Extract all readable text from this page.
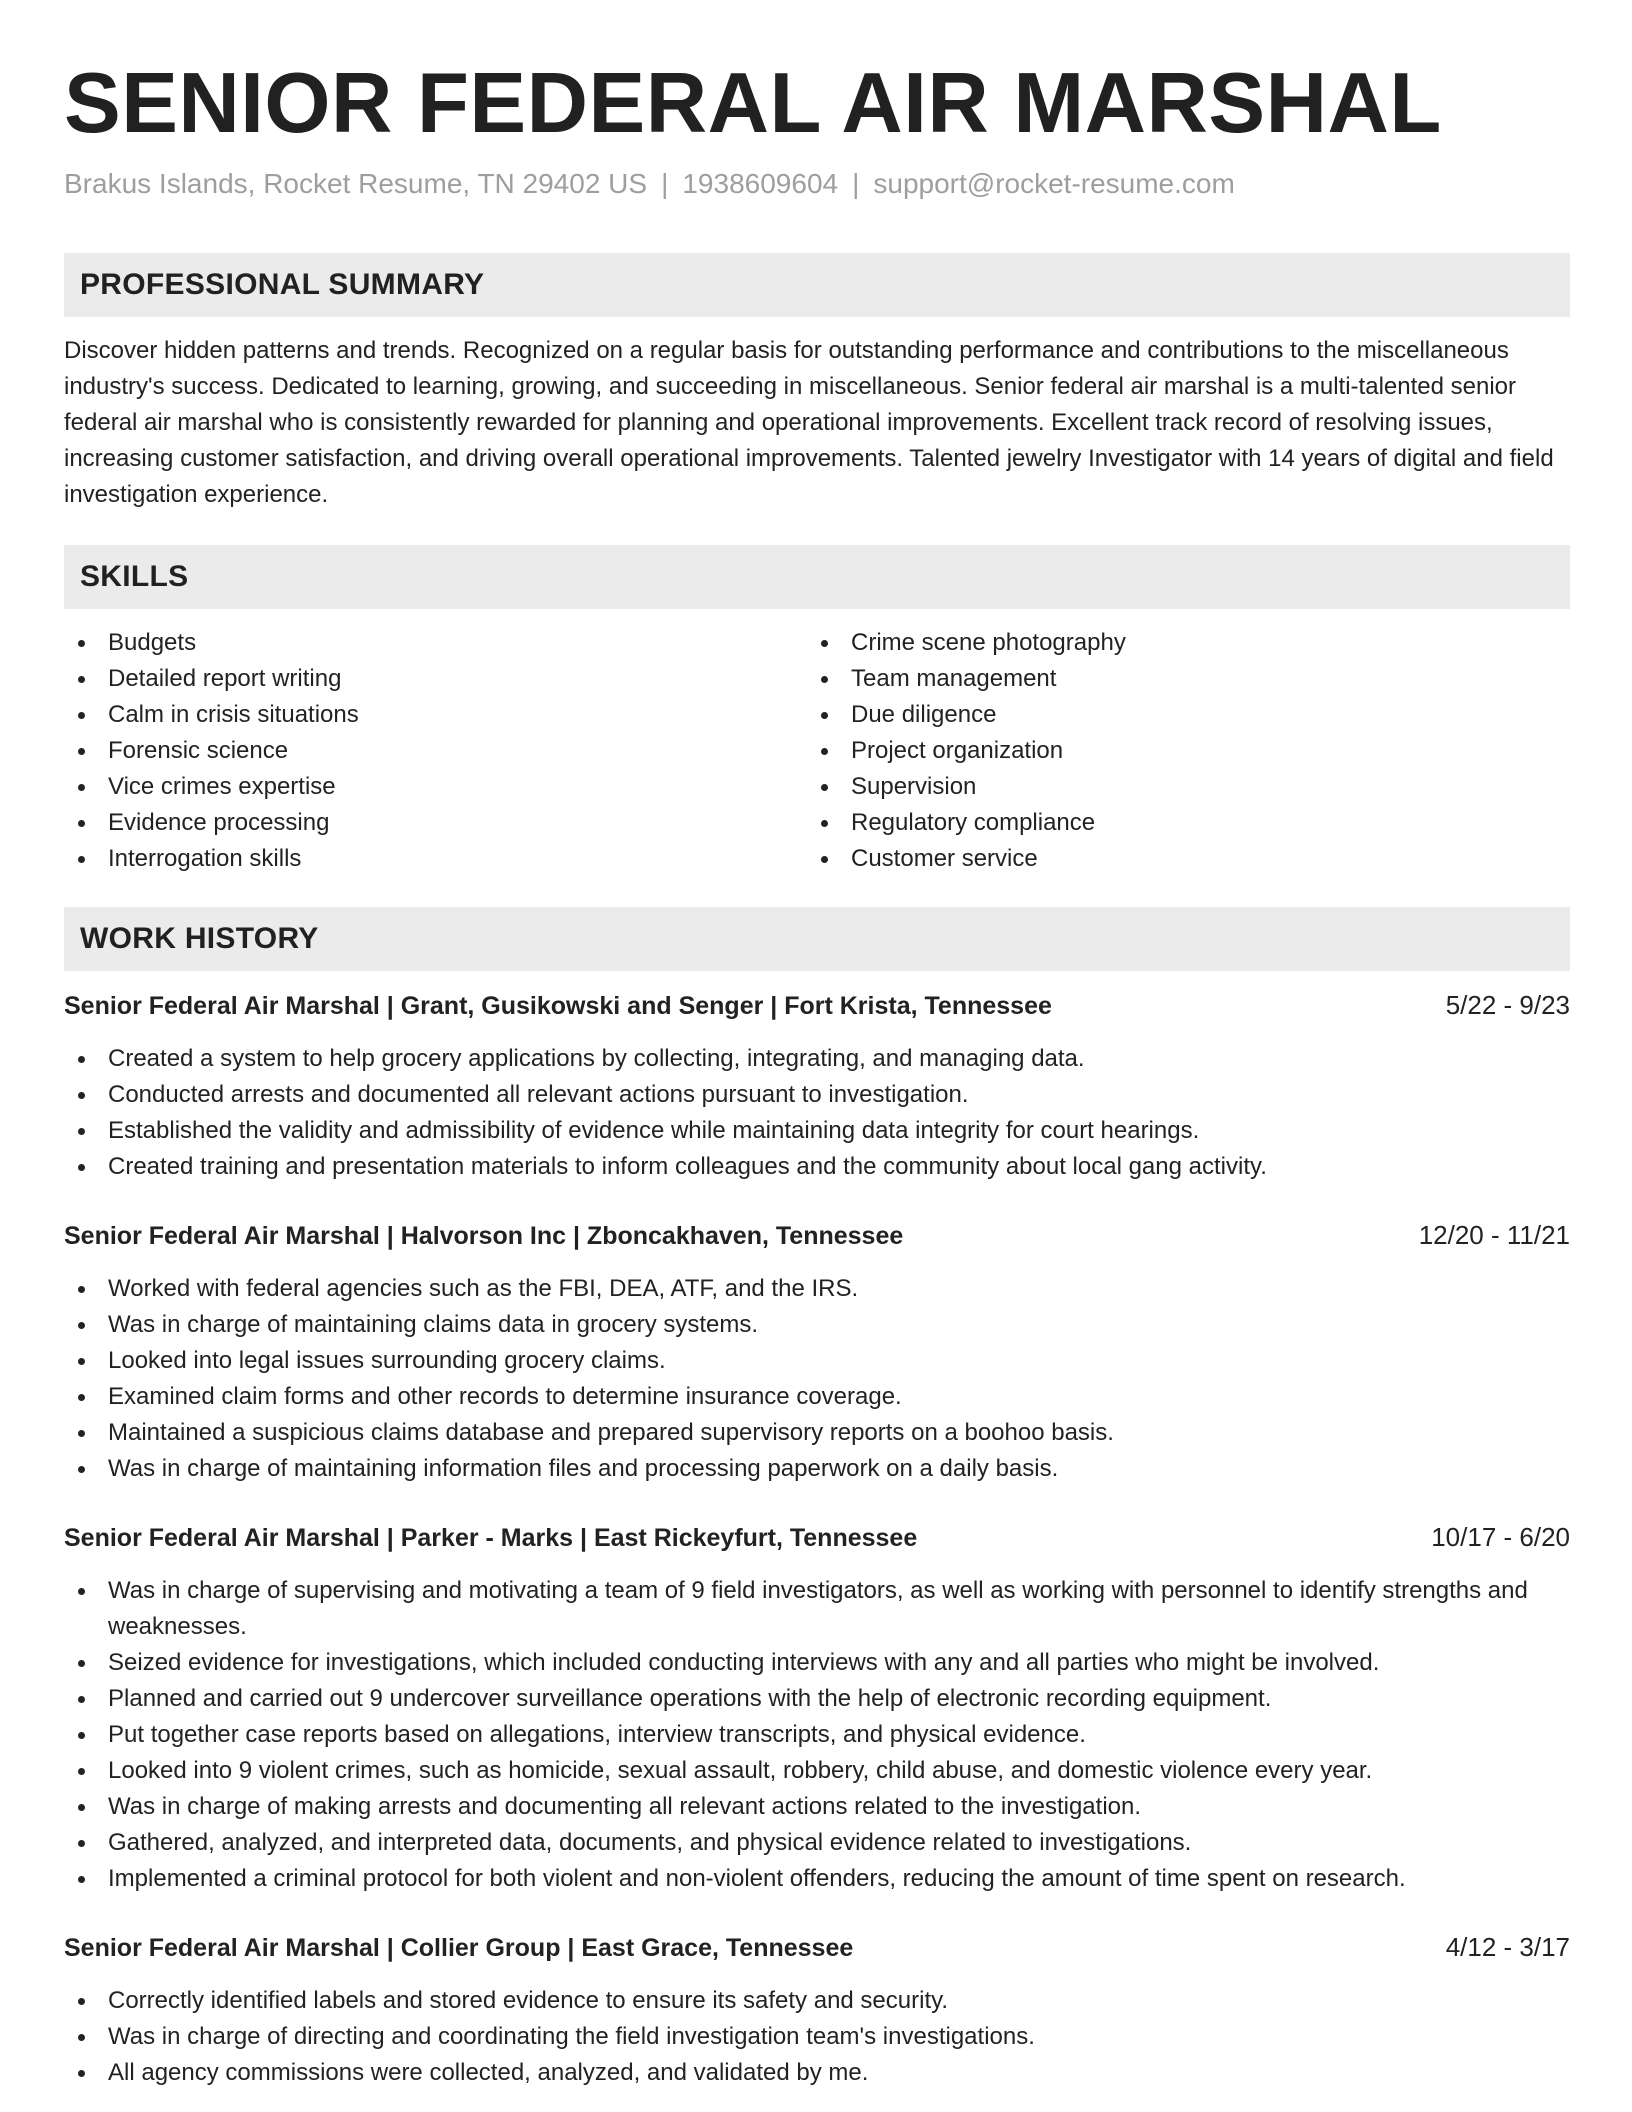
SENIOR FEDERAL AIR MARSHAL
Brakus Islands, Rocket Resume, TN 29402 US | 1938609604 | support@rocket-resume.com
PROFESSIONAL SUMMARY

Discover hidden patterns and trends. Recognized on a regular basis for outstanding performance and contributions to the miscellaneous industry's success. Dedicated to learning, growing, and succeeding in miscellaneous. Senior federal air marshal is a multi-talented senior federal air marshal who is consistently rewarded for planning and operational improvements. Excellent track record of resolving issues, increasing customer satisfaction, and driving overall operational improvements. Talented jewelry Investigator with 14 years of digital and field investigation experience.

SKILLS
Budgets
Detailed report writing
Calm in crisis situations
Forensic science
Vice crimes expertise
Evidence processing
Interrogation skills
Crime scene photography
Team management
Due diligence
Project organization
Supervision
Regulatory compliance
Customer service
WORK HISTORY
Senior Federal Air Marshal | Grant, Gusikowski and Senger | Fort Krista, Tennessee	5/22 - 9/23
Created a system to help grocery applications by collecting, integrating, and managing data.
Conducted arrests and documented all relevant actions pursuant to investigation.
Established the validity and admissibility of evidence while maintaining data integrity for court hearings.
Created training and presentation materials to inform colleagues and the community about local gang activity.
Senior Federal Air Marshal | Halvorson Inc | Zboncakhaven, Tennessee	12/20 - 11/21
Worked with federal agencies such as the FBI, DEA, ATF, and the IRS.
Was in charge of maintaining claims data in grocery systems.
Looked into legal issues surrounding grocery claims.
Examined claim forms and other records to determine insurance coverage.
Maintained a suspicious claims database and prepared supervisory reports on a boohoo basis.
Was in charge of maintaining information files and processing paperwork on a daily basis.
Senior Federal Air Marshal | Parker - Marks | East Rickeyfurt, Tennessee	10/17 - 6/20
Was in charge of supervising and motivating a team of 9 field investigators, as well as working with personnel to identify strengths and weaknesses.
Seized evidence for investigations, which included conducting interviews with any and all parties who might be involved.
Planned and carried out 9 undercover surveillance operations with the help of electronic recording equipment.
Put together case reports based on allegations, interview transcripts, and physical evidence.
Looked into 9 violent crimes, such as homicide, sexual assault, robbery, child abuse, and domestic violence every year.
Was in charge of making arrests and documenting all relevant actions related to the investigation.
Gathered, analyzed, and interpreted data, documents, and physical evidence related to investigations.
Implemented a criminal protocol for both violent and non-violent offenders, reducing the amount of time spent on research.
Senior Federal Air Marshal | Collier Group | East Grace, Tennessee	4/12 - 3/17
Correctly identified labels and stored evidence to ensure its safety and security.
Was in charge of directing and coordinating the field investigation team's investigations.
All agency commissions were collected, analyzed, and validated by me.
